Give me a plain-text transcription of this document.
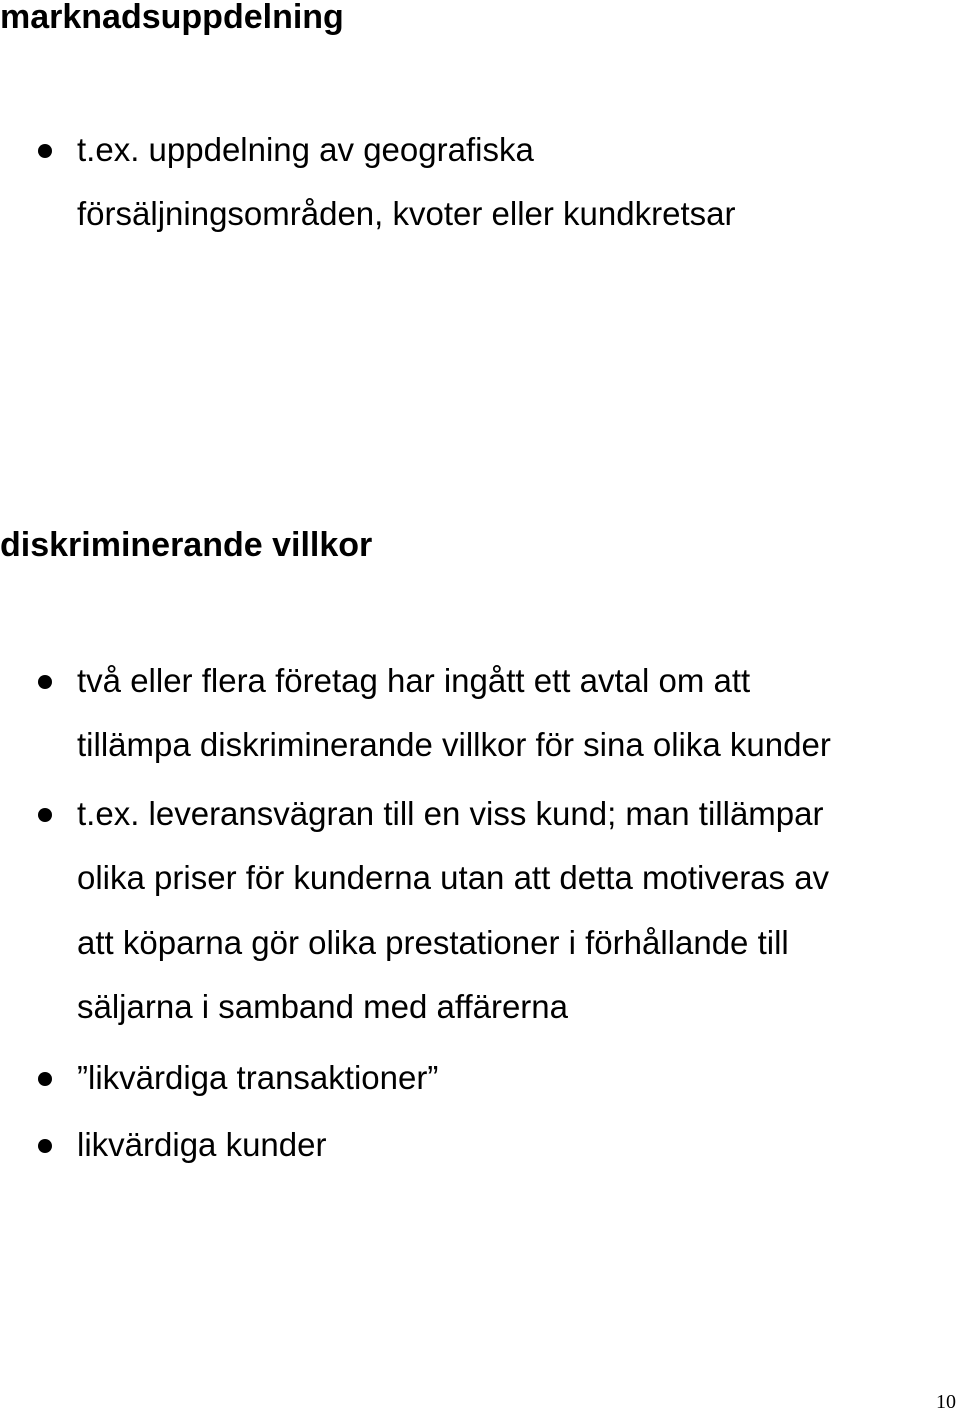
marknadsuppdelning

t.ex. uppdelning av geografiska

försäljningsområden, kvoter eller kundkretsar

diskriminerande villkor

två eller flera företag har ingått ett avtal om att

tillämpa diskriminerande villkor för sina olika kunder

t.ex. leveransvägran till en viss kund; man tillämpar

olika priser för kunderna utan att detta motiveras av

att köparna gör olika prestationer i förhållande till

säljarna i samband med affärerna

”likvärdiga transaktioner”

likvärdiga kunder

10
